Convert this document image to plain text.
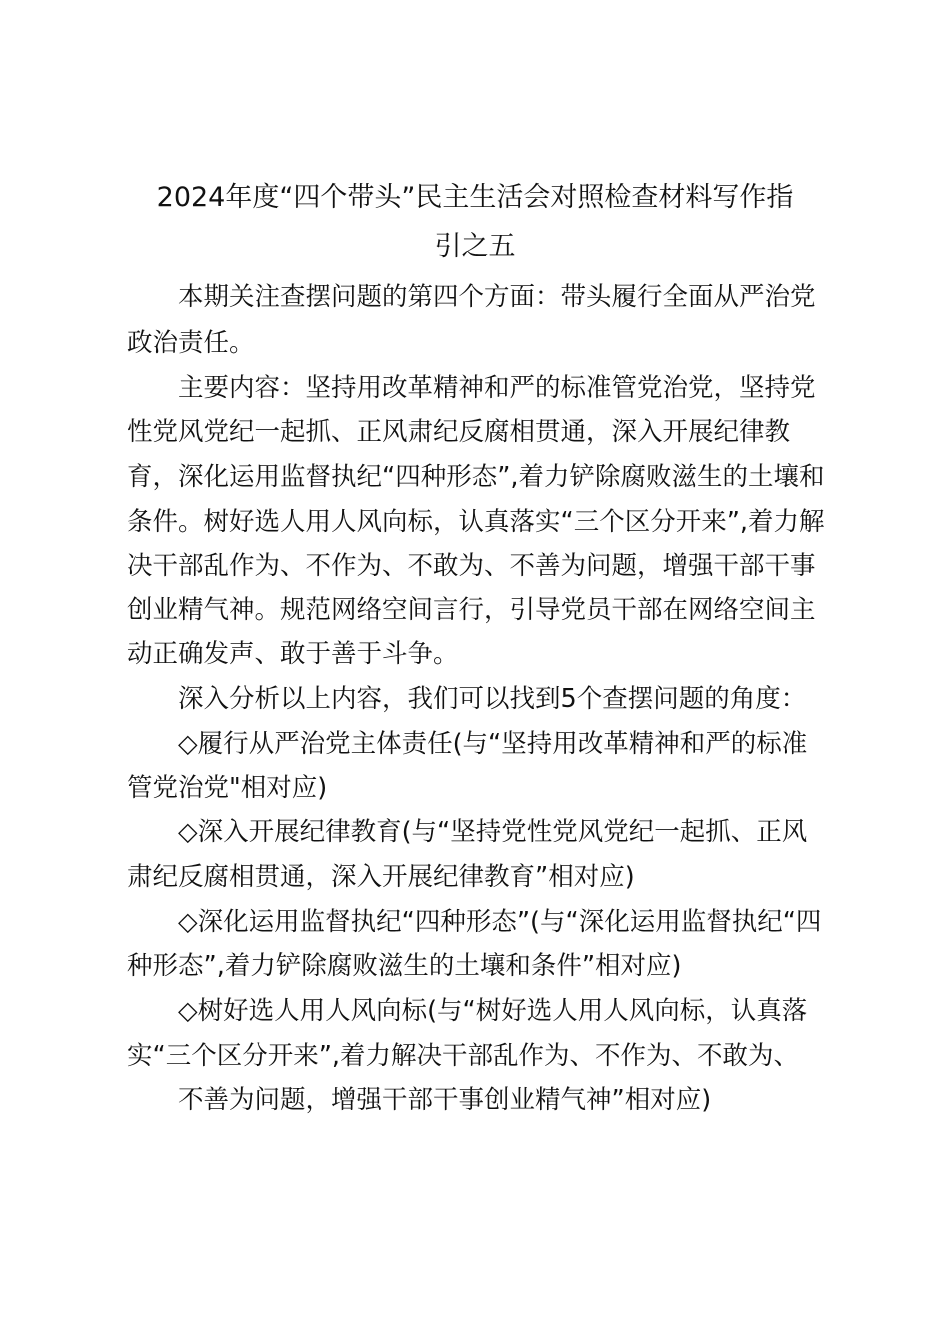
2024年度“四个带头”民主生活会对照检查材料写作指
引之五
本期关注查摆问题的第四个方面：带头履行全面从严治党
政治责任。
主要内容：坚持用改革精神和严的标准管党治党，坚持党
性党风党纪一起抓、正风肃纪反腐相贯通，深入开展纪律教
育，深化运用监督执纪“四种形态”,着力铲除腐败滋生的土壤和
条件。树好选人用人风向标，认真落实“三个区分开来”,着力解
决干部乱作为、不作为、不敢为、不善为问题，增强干部干事
创业精气神。规范网络空间言行，引导党员干部在网络空间主
动正确发声、敢于善于斗争。
深入分析以上内容，我们可以找到5个查摆问题的角度：
◇履行从严治党主体责任(与“坚持用改革精神和严的标准
管党治党"相对应)
◇深入开展纪律教育(与“坚持党性党风党纪一起抓、正风
肃纪反腐相贯通，深入开展纪律教育”相对应)
◇深化运用监督执纪“四种形态”(与“深化运用监督执纪“四
种形态”,着力铲除腐败滋生的土壤和条件”相对应)
◇树好选人用人风向标(与“树好选人用人风向标，认真落
实“三个区分开来”,着力解决干部乱作为、不作为、不敢为、
不善为问题，增强干部干事创业精气神”相对应)
